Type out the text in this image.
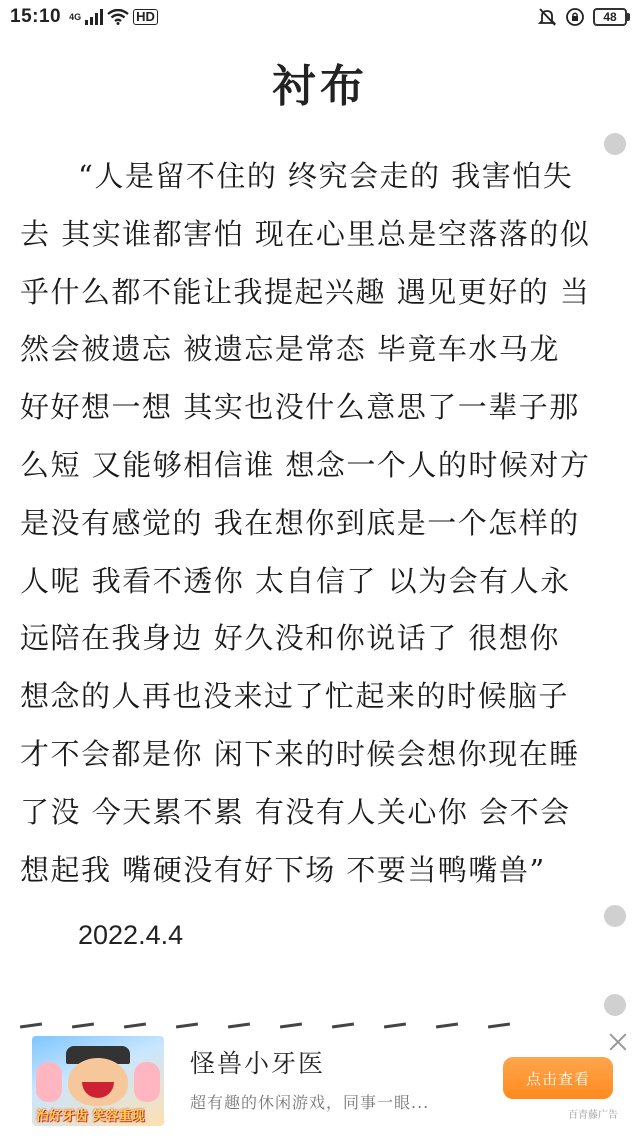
15:10 4G	HD	48
衬布

“人是留不住的 终究会走的 我害怕失去 其实谁都害怕 现在心里总是空落落的似乎什么都不能让我提起兴趣 遇见更好的 当然会被遗忘 被遗忘是常态 毕竟车水马龙 好好想一想 其实也没什么意思了一辈子那么短 又能够相信谁 想念一个人的时候对方是没有感觉的 我在想你到底是一个怎样的人呢 我看不透你 太自信了 以为会有人永远陪在我身边 好久没和你说话了 很想你 想念的人再也没来过了忙起来的时候脑子才不会都是你 闲下来的时候会想你现在睡了没 今天累不累 有没有人关心你 会不会想起我 嘴硬没有好下场 不要当鸭嘴兽”

2022.4.4
治好牙齿 笑容重现
怪兽小牙医
超有趣的休闲游戏，同事一眼...
点击查看
百青藤广告
